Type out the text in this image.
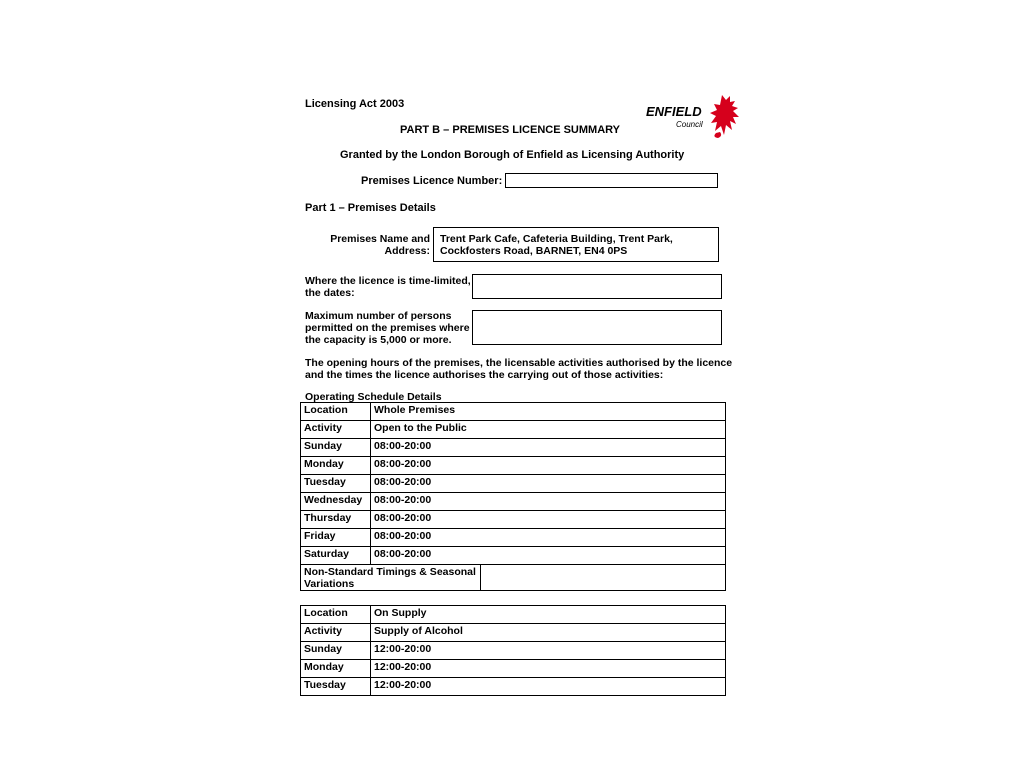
Licensing Act 2003
PART B – PREMISES LICENCE SUMMARY
Granted by the London Borough of Enfield as Licensing Authority
ENFIELD
Council
Premises Licence Number:
Part 1 – Premises Details
Premises Name and
Address:
Trent Park Cafe, Cafeteria Building, Trent Park,
Cockfosters Road, BARNET, EN4 0PS
Where the licence is time-limited,
the dates:
Maximum number of persons
permitted on the premises where
the capacity is 5,000 or more.
The opening hours of the premises, the licensable activities authorised by the licence
and the times the licence authorises the carrying out of those activities:
Operating Schedule Details
Location	Whole Premises	
Activity	Open to the Public	
Sunday	08:00-20:00	
Monday	08:00-20:00	
Tuesday	08:00-20:00	
Wednesday	08:00-20:00	
Thursday	08:00-20:00	
Friday	08:00-20:00	
Saturday	08:00-20:00	
Non-Standard Timings & Seasonal Variations		
Location	On Supply
Activity	Supply of Alcohol
Sunday	12:00-20:00
Monday	12:00-20:00
Tuesday	12:00-20:00
